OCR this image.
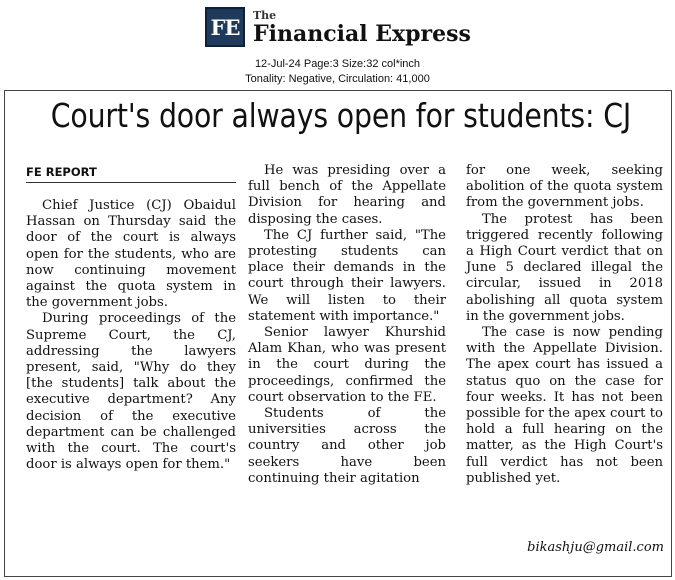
FE	The
Financial Express
12-Jul-24 Page:3 Size:32 col*inch
Tonality: Negative, Circulation: 41,000
Court's door always open for students: CJ
FE REPORT

Chief Justice (CJ) Obaidul Hassan on Thursday said the door of the court is always open for the students, who are now continuing movement against the quota system in the government jobs.

During proceedings of the Supreme Court, the CJ, addressing the lawyers present, said, "Why do they [the students] talk about the executive department? Any decision of the executive department can be challenged with the court. The court's door is always open for them."

He was presiding over a full bench of the Appellate Division for hearing and disposing the cases.

The CJ further said, "The protesting students can place their demands in the court through their lawyers. We will listen to their statement with importance."

Senior lawyer Khurshid Alam Khan, who was present in the court during the proceedings, confirmed the court observation to the FE.

Students of the universities across the country and other job seekers have been continuing their agitation

for one week, seeking abolition of the quota system from the government jobs.

The protest has been triggered recently following a High Court verdict that on June 5 declared illegal the circular, issued in 2018 abolishing all quota system in the government jobs.

The case is now pending with the Appellate Division. The apex court has issued a status quo on the case for four weeks. It has not been possible for the apex court to hold a full hearing on the matter, as the High Court's full verdict has not been published yet.

bikashju@gmail.com
